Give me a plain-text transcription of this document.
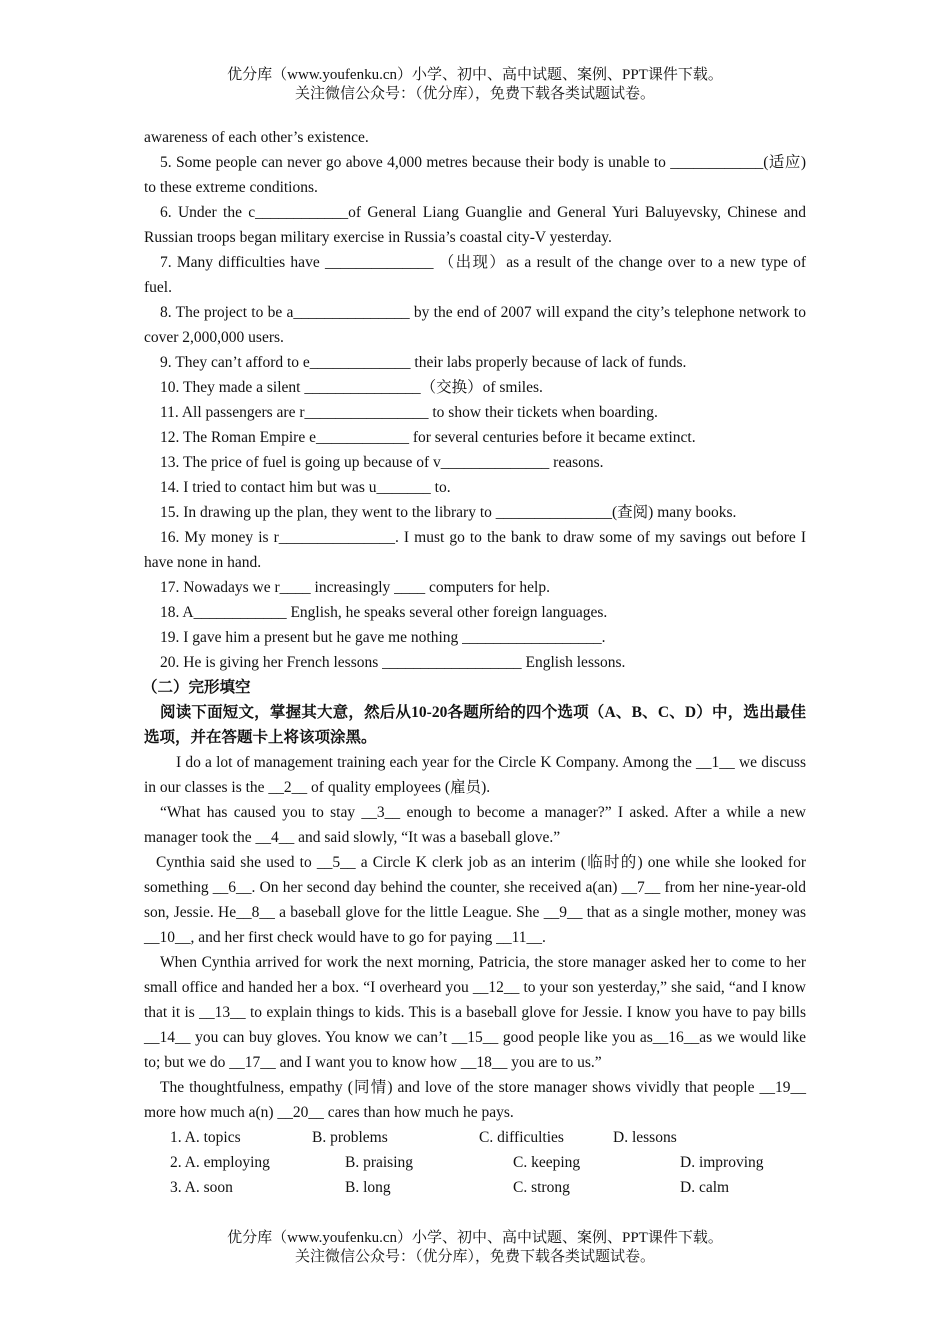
优分库（www.youfenku.cn）小学、初中、高中试题、案例、PPT课件下载。
关注微信公众号：（优分库），免费下载各类试题试卷。

awareness of each other’s existence.

5. Some people can never go above 4,000 metres because their body is unable to ____________(适应) to these extreme conditions.

6. Under the c____________of General Liang Guanglie and General Yuri Baluyevsky, Chinese and Russian troops began military exercise in Russia’s coastal city-V yesterday.

7. Many difficulties have ______________ （出现）as a result of the change over to a new type of fuel.

8. The project to be a_______________ by the end of 2007 will expand the city’s telephone network to cover 2,000,000 users.

9. They can’t afford to e_____________ their labs properly because of lack of funds.

10. They made a silent _______________（交换）of smiles.

11. All passengers are r________________ to show their tickets when boarding.

12. The Roman Empire e____________ for several centuries before it became extinct.

13. The price of fuel is going up because of v______________ reasons.

14. I tried to contact him but was u_______ to.

15. In drawing up the plan, they went to the library to _______________(查阅) many books.

16. My money is r_______________. I must go to the bank to draw some of my savings out before I have none in hand.

17. Nowadays we r____ increasingly ____ computers for help.

18. A____________ English, he speaks several other foreign languages.

19. I gave him a present but he gave me nothing __________________.

20. He is giving her French lessons __________________ English lessons.

（二）完形填空

阅读下面短文，掌握其大意，然后从10-20各题所给的四个选项（A、B、C、D）中，选出最佳选项，并在答题卡上将该项涂黑。

I do a lot of management training each year for the Circle K Company. Among the __1__ we discuss in our classes is the __2__ of quality employees (雇员).

“What has caused you to stay __3__ enough to become a manager?” I asked. After a while a new manager took the __4__ and said slowly, “It was a baseball glove.”

Cynthia said she used to __5__ a Circle K clerk job as an interim (临时的) one while she looked for something __6__. On her second day behind the counter, she received a(an) __7__ from her nine-year-old son, Jessie. He__8__ a baseball glove for the little League. She __9__ that as a single mother, money was __10__, and her first check would have to go for paying __11__.

When Cynthia arrived for work the next morning, Patricia, the store manager asked her to come to her small office and handed her a box. “I overheard you __12__ to your son yesterday,” she said, “and I know that it is __13__ to explain things to kids. This is a baseball glove for Jessie. I know you have to pay bills __14__ you can buy gloves. You know we can’t __15__ good people like you as__16__as we would like to; but we do __17__ and I want you to know how __18__ you are to us.”

The thoughtfulness, empathy (同情) and love of the store manager shows vividly that people __19__ more how much a(n) __20__ cares than how much he pays.

1. A. topics	B. problems	C. difficulties	D. lessons
2. A. employing	B. praising	C. keeping	D. improving
3. A. soon	B. long	C. strong	D. calm
优分库（www.youfenku.cn）小学、初中、高中试题、案例、PPT课件下载。
关注微信公众号：（优分库），免费下载各类试题试卷。
